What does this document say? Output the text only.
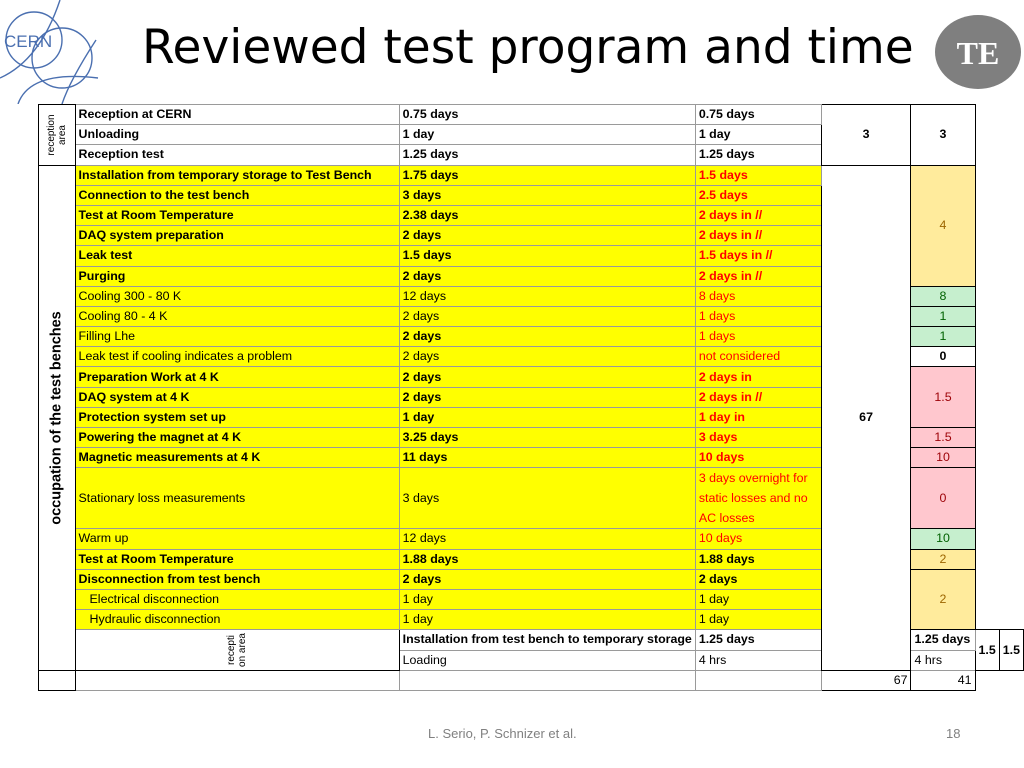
CERN Reviewed test program and time TE
reception area	Reception at CERN	0.75 days	0.75 days	3	3		
	Unloading	1 day	1 day				
	Reception test	1.25 days	1.25 days				

occupation of the test benches	Installation from temporary storage to Test Bench	1.75 days	1.5 days	67	4		
	Connection to the test bench	3 days	2.5 days				
	Test at Room Temperature	2.38 days	2 days in //				
	DAQ system preparation	2 days	2 days in //				
	Leak test	1.5 days	1.5 days in //				
	Purging	2 days	2 days in //				
	Cooling 300 - 80 K	12 days	8 days		8		
	Cooling 80 - 4 K	2 days	1 days		1		
	Filling Lhe	2 days	1 days		1		
	Leak test if cooling indicates a problem	2 days	not considered		0		
	Preparation Work at 4 K	2 days	2 days in		1.5		
	DAQ system at 4 K	2 days	2 days in //				
	Protection system set up	1 day	1 day in				
	Powering the magnet at 4 K	3.25 days	3 days		1.5		
	Magnetic measurements at 4 K	11 days	10 days		10		
	Stationary loss measurements	3 days	3 days overnight for static losses and no AC losses		0		
	Warm up	12 days	10 days		10		
	Test at Room Temperature	1.88 days	1.88 days		2		
	Disconnection from test bench	2 days	2 days		2		
	Electrical disconnection	1 day	1 day				
	Hydraulic disconnection	1 day	1 day				

	recepti on area	Installation from test bench to temporary storage	1.25 days		1.25 days	1.5	1.5
		Loading	4 hrs		4 hrs		
				67	41		
L. Serio, P. Schnizer et al.	18
